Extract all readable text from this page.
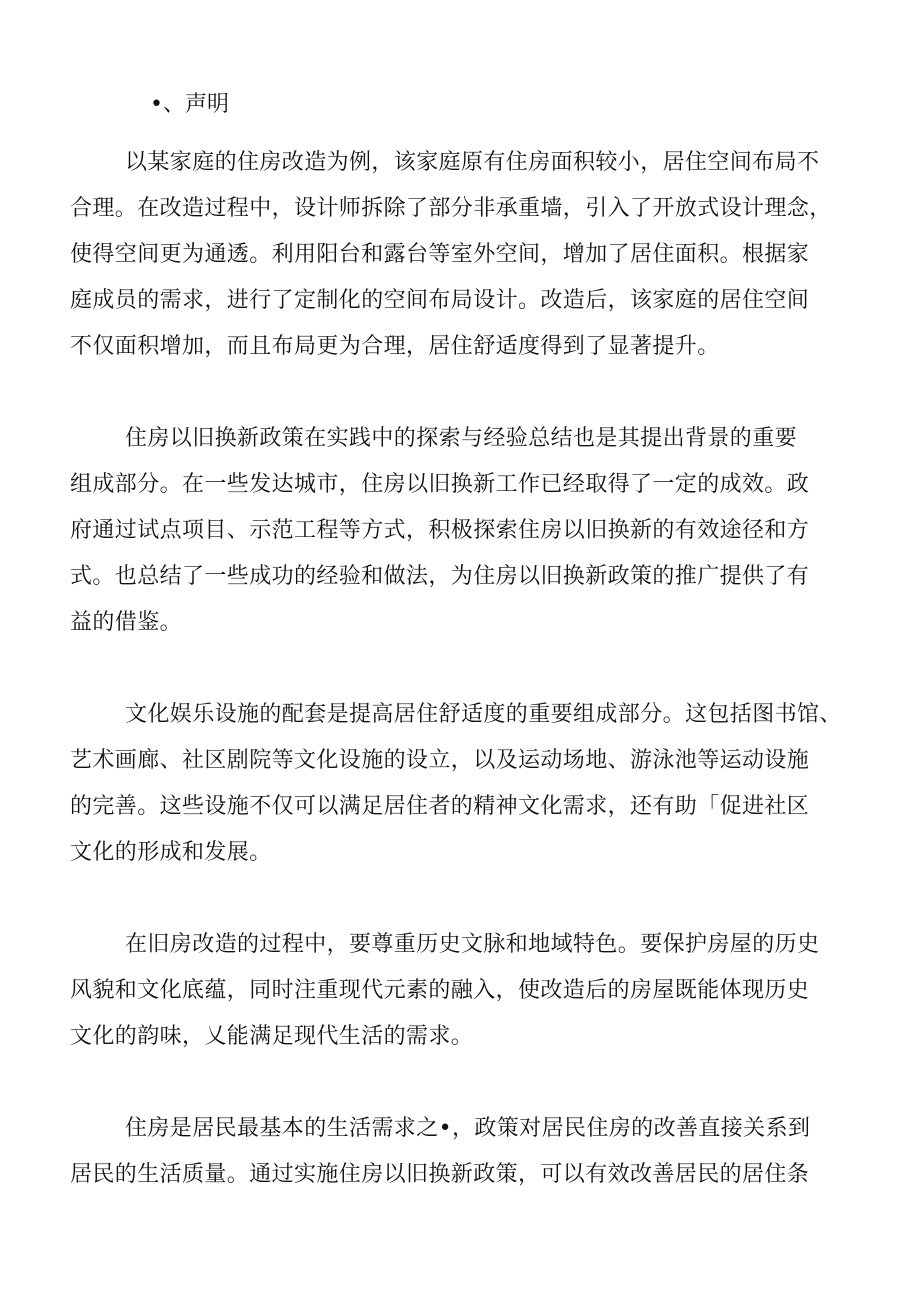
•、声明
以某家庭的住房改造为例，该家庭原有住房面积较小，居住空间布局不
合理。在改造过程中，设计师拆除了部分非承重墙，引入了开放式设计理念，
使得空间更为通透。利用阳台和露台等室外空间，增加了居住面积。根据家
庭成员的需求，进行了定制化的空间布局设计。改造后，该家庭的居住空间
不仅面积增加，而且布局更为合理，居住舒适度得到了显著提升。
住房以旧换新政策在实践中的探索与经验总结也是其提出背景的重要
组成部分。在一些发达城市，住房以旧换新工作已经取得了一定的成效。政
府通过试点项目、示范工程等方式，积极探索住房以旧换新的有效途径和方
式。也总结了一些成功的经验和做法，为住房以旧换新政策的推广提供了有
益的借鉴。
文化娱乐设施的配套是提高居住舒适度的重要组成部分。这包括图书馆、
艺术画廊、社区剧院等文化设施的设立，以及运动场地、游泳池等运动设施
的完善。这些设施不仅可以满足居住者的精神文化需求，还有助「促进社区
文化的形成和发展。
在旧房改造的过程中，要尊重历史文脉和地域特色。要保护房屋的历史
风貌和文化底蕴，同时注重现代元素的融入，使改造后的房屋既能体现历史
文化的韵味，乂能满足现代生活的需求。
住房是居民最基本的生活需求之•，政策对居民住房的改善直接关系到
居民的生活质量。通过实施住房以旧换新政策，可以有效改善居民的居住条
